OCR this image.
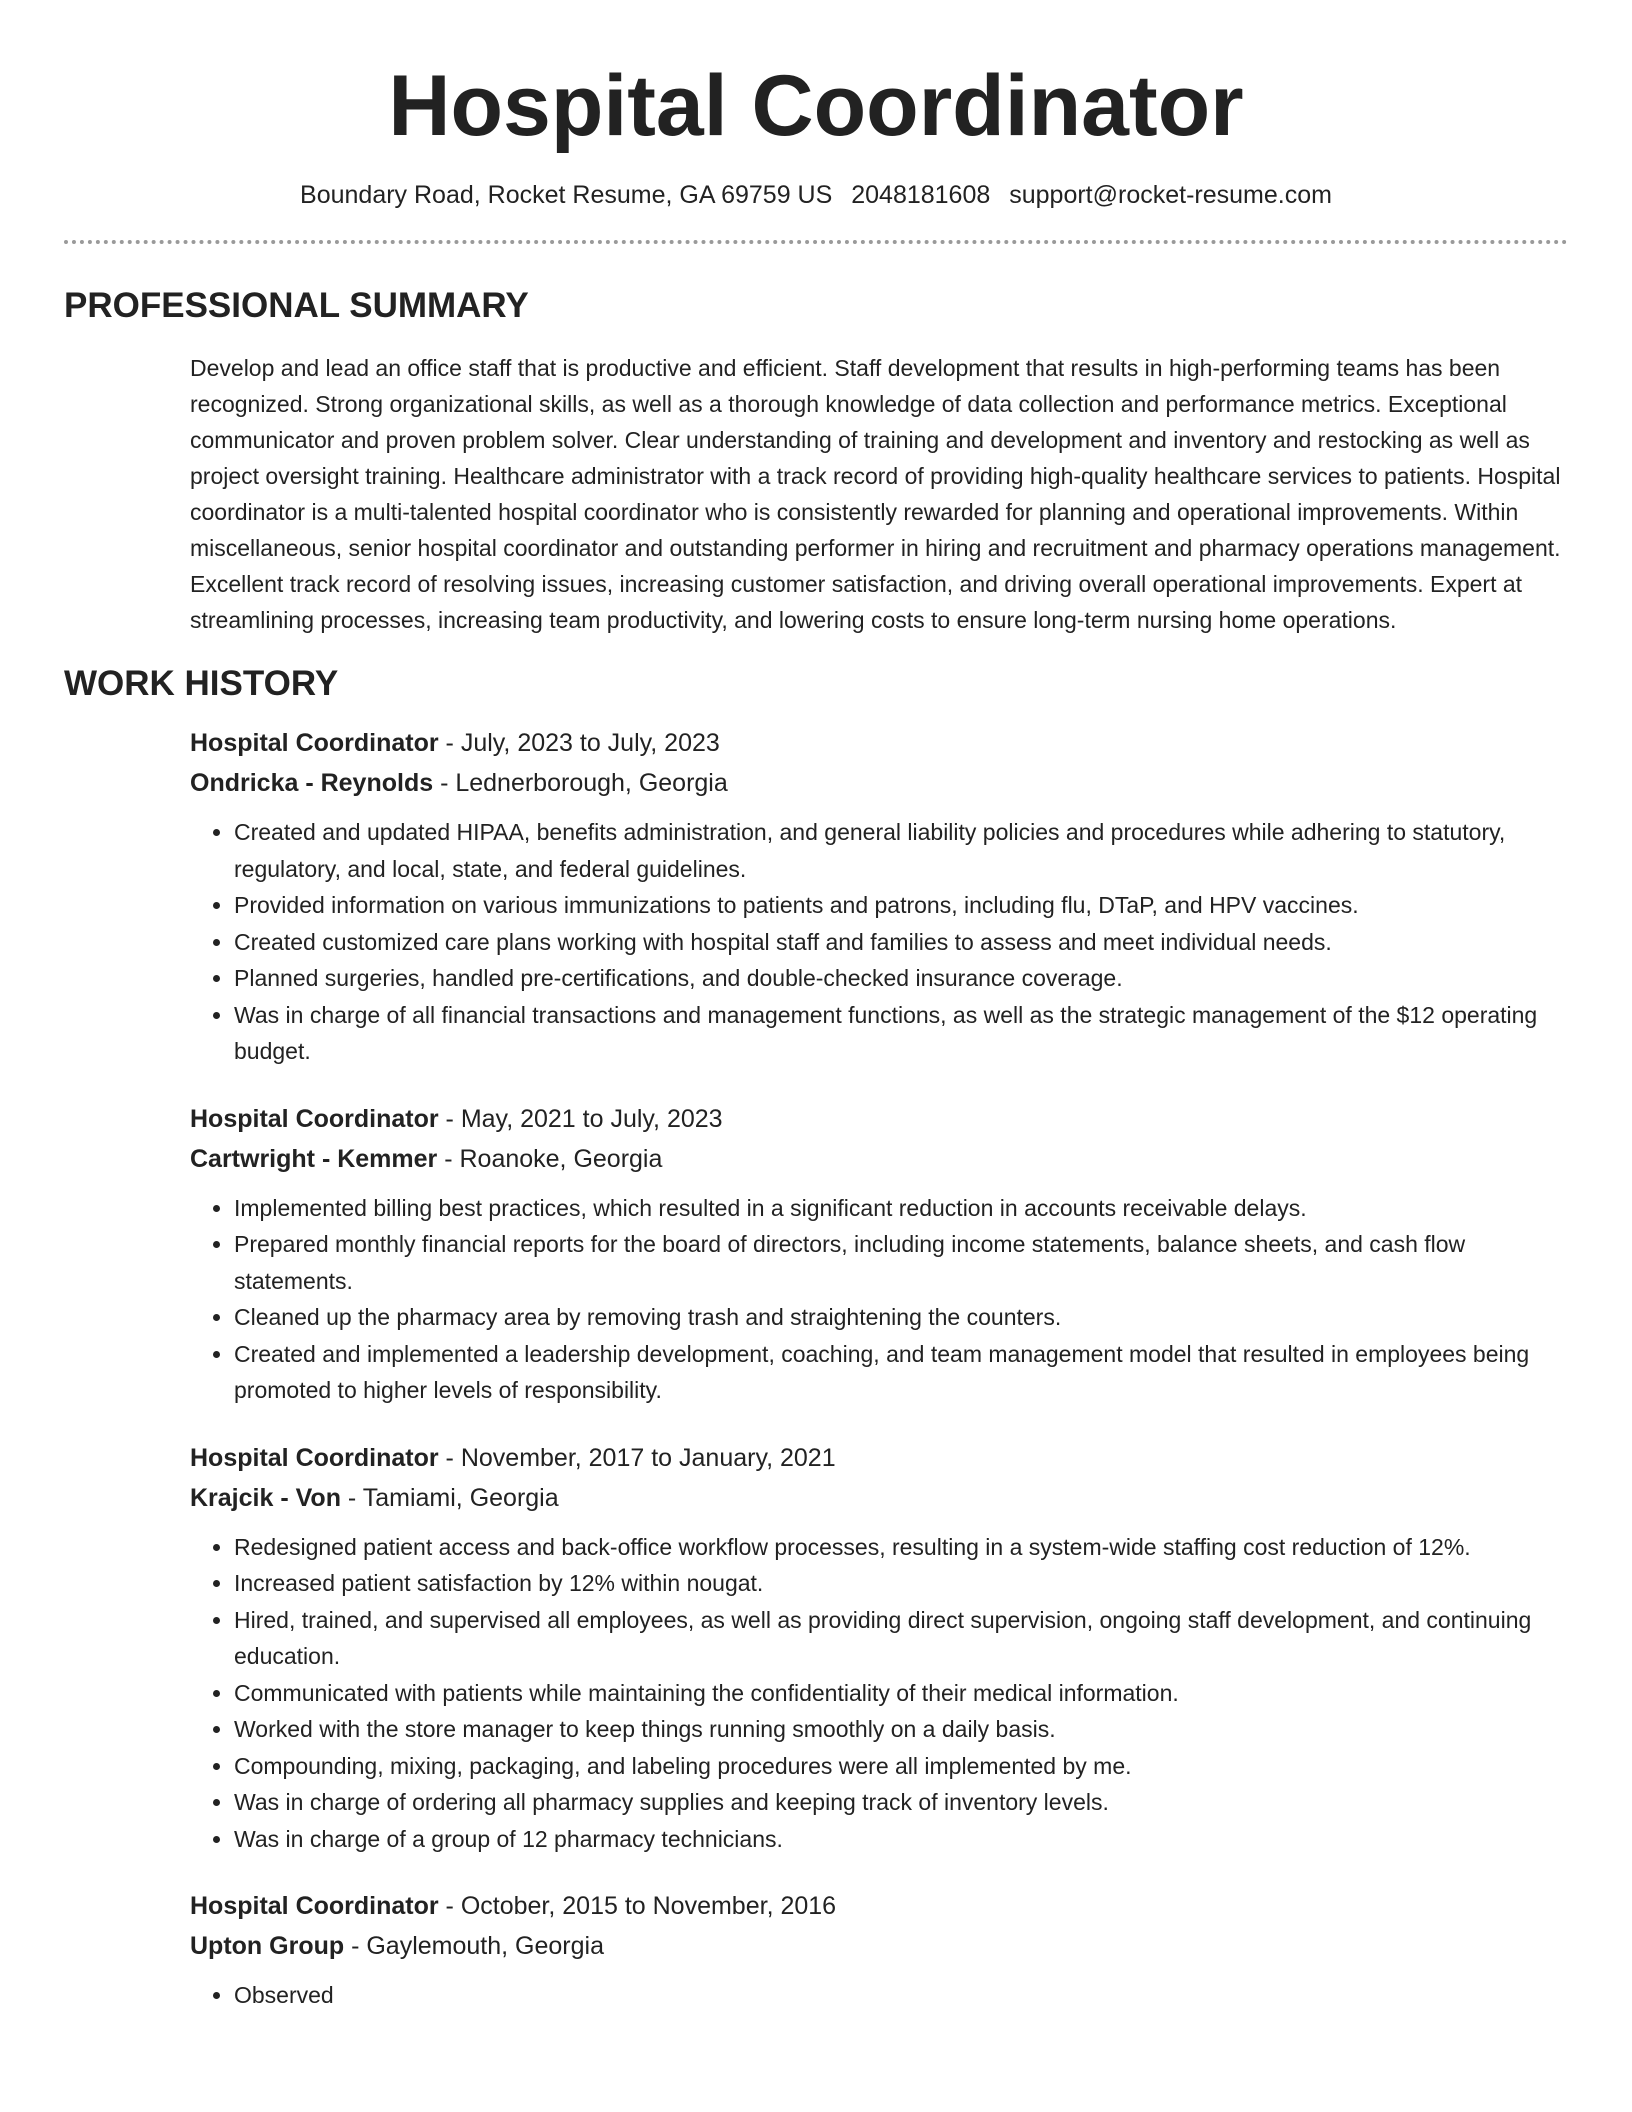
Hospital Coordinator
Boundary Road, Rocket Resume, GA 69759 US 2048181608 support@rocket-resume.com
PROFESSIONAL SUMMARY
Develop and lead an office staff that is productive and efficient. Staff development that results in high-performing teams has been recognized. Strong organizational skills, as well as a thorough knowledge of data collection and performance metrics. Exceptional communicator and proven problem solver. Clear understanding of training and development and inventory and restocking as well as project oversight training. Healthcare administrator with a track record of providing high-quality healthcare services to patients. Hospital coordinator is a multi-talented hospital coordinator who is consistently rewarded for planning and operational improvements. Within miscellaneous, senior hospital coordinator and outstanding performer in hiring and recruitment and pharmacy operations management. Excellent track record of resolving issues, increasing customer satisfaction, and driving overall operational improvements. Expert at streamlining processes, increasing team productivity, and lowering costs to ensure long-term nursing home operations.
WORK HISTORY
Hospital Coordinator - July, 2023 to July, 2023
Ondricka - Reynolds - Lednerborough, Georgia
• Created and updated HIPAA, benefits administration, and general liability policies and procedures while adhering to statutory, regulatory, and local, state, and federal guidelines.
• Provided information on various immunizations to patients and patrons, including flu, DTaP, and HPV vaccines.
• Created customized care plans working with hospital staff and families to assess and meet individual needs.
• Planned surgeries, handled pre-certifications, and double-checked insurance coverage.
• Was in charge of all financial transactions and management functions, as well as the strategic management of the $12 operating budget.
Hospital Coordinator - May, 2021 to July, 2023
Cartwright - Kemmer - Roanoke, Georgia
• Implemented billing best practices, which resulted in a significant reduction in accounts receivable delays.
• Prepared monthly financial reports for the board of directors, including income statements, balance sheets, and cash flow statements.
• Cleaned up the pharmacy area by removing trash and straightening the counters.
• Created and implemented a leadership development, coaching, and team management model that resulted in employees being promoted to higher levels of responsibility.
Hospital Coordinator - November, 2017 to January, 2021
Krajcik - Von - Tamiami, Georgia
• Redesigned patient access and back-office workflow processes, resulting in a system-wide staffing cost reduction of 12%.
• Increased patient satisfaction by 12% within nougat.
• Hired, trained, and supervised all employees, as well as providing direct supervision, ongoing staff development, and continuing education.
• Communicated with patients while maintaining the confidentiality of their medical information.
• Worked with the store manager to keep things running smoothly on a daily basis.
• Compounding, mixing, packaging, and labeling procedures were all implemented by me.
• Was in charge of ordering all pharmacy supplies and keeping track of inventory levels.
• Was in charge of a group of 12 pharmacy technicians.
Hospital Coordinator - October, 2015 to November, 2016
Upton Group - Gaylemouth, Georgia
• Observed
